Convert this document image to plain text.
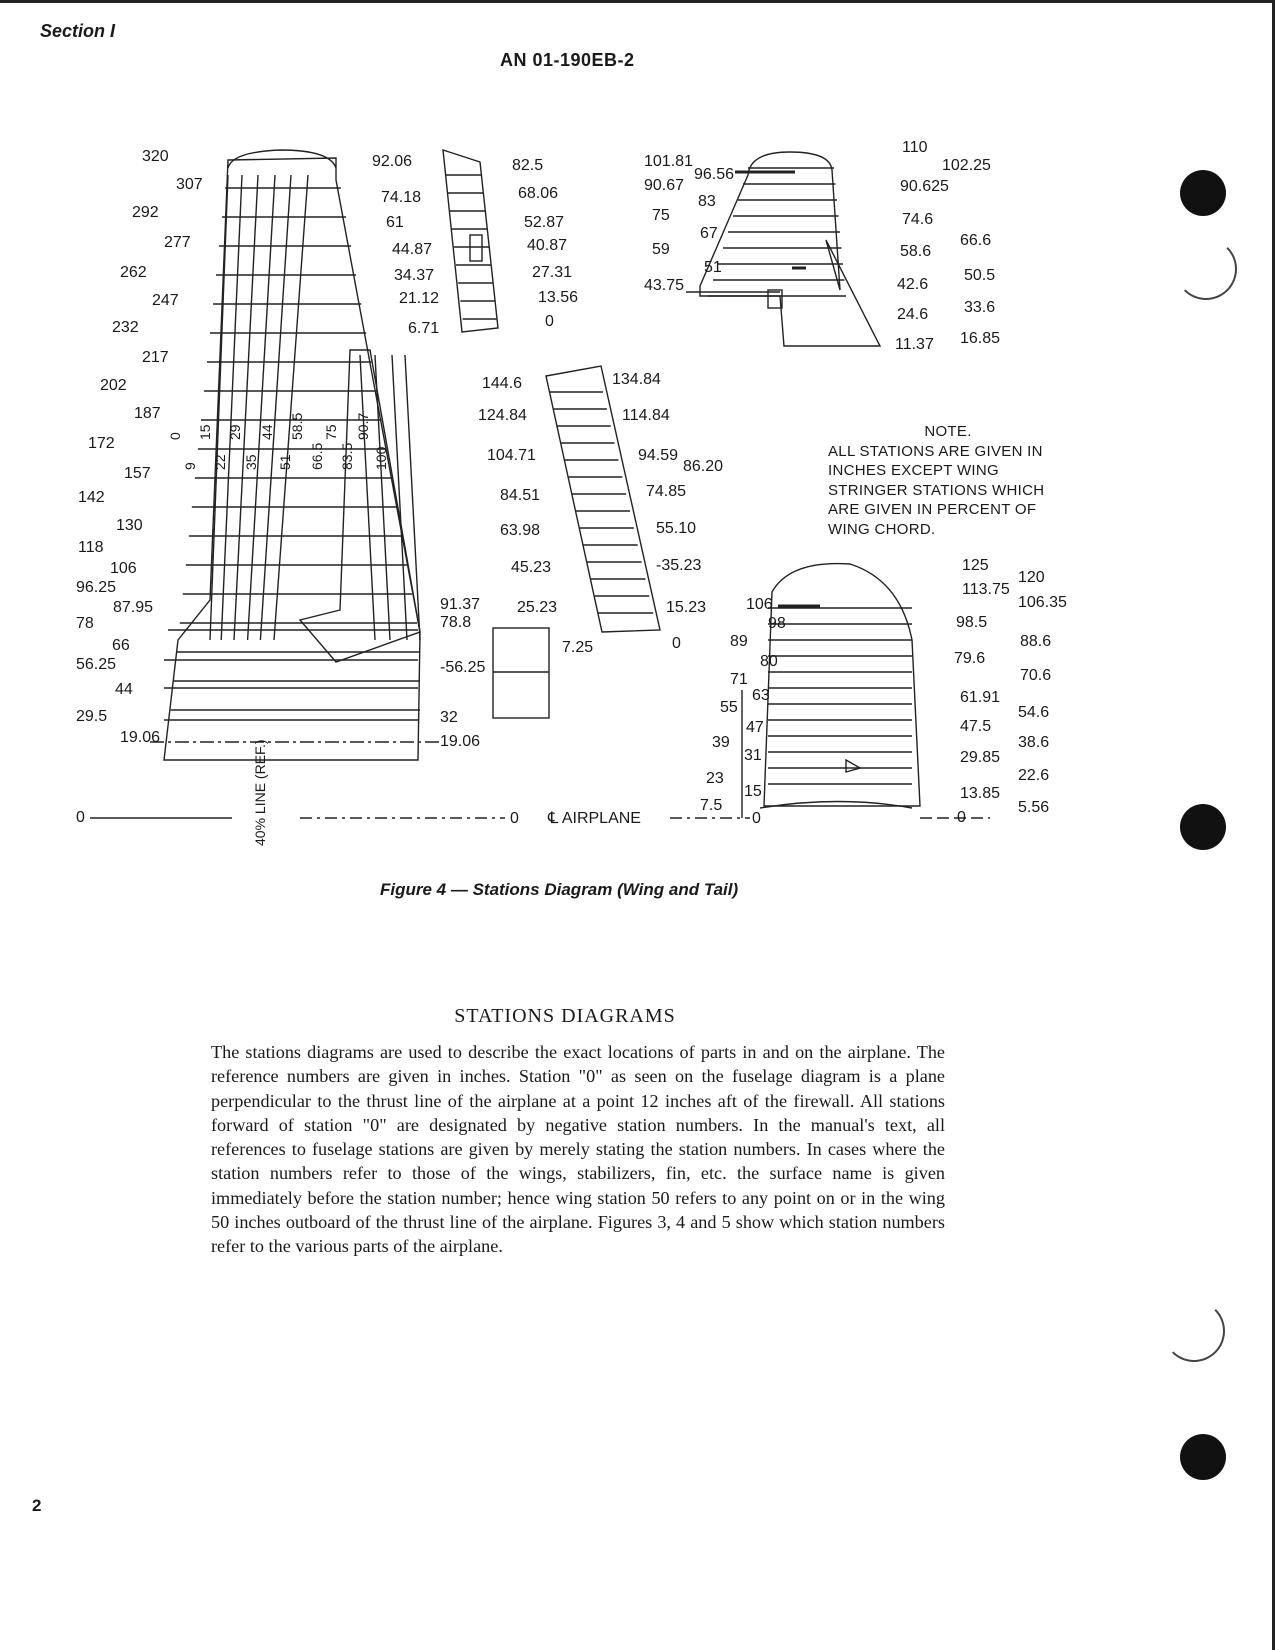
Section I
AN 01-190EB-2
320
292
262
232
202
172
142
118
96.25
78
56.25
29.5
307
277
247
217
187
157
130
106
87.95
66
44
19.06
0
9
15
22
29
35
44
51
58.5
66.5
75
83.5
90.7
100
91.37
78.8
-56.25
32
19.06
92.06
74.18
61
44.87
34.37
21.12
6.71
82.5
68.06
52.87
40.87
27.31
13.56
0
144.6
124.84
104.71
84.51
63.98
45.23
25.23
134.84
114.84
94.59
74.85
55.10
-35.23
15.23
0
7.25
86.20
101.81
90.67
75
59
43.75
96.56
83
67
51
110
90.625
74.6
58.6
42.6
24.6
11.37
102.25
66.6
50.5
33.6
16.85
106
89
71
55
39
23
7.5
98
80
63
47
31
15
125
113.75
98.5
79.6
61.91
47.5
29.85
13.85
120
106.35
88.6
70.6
54.6
38.6
22.6
5.56
0
0	0 ℄ AIRPLANE	0
40% LINE (REF.)
NOTE.
ALL STATIONS ARE GIVEN IN INCHES EXCEPT WING STRINGER STATIONS WHICH ARE GIVEN IN PERCENT OF WING CHORD.
Figure 4 — Stations Diagram (Wing and Tail)
STATIONS DIAGRAMS

The stations diagrams are used to describe the exact locations of parts in and on the airplane. The reference numbers are given in inches. Station "0" as seen on the fuselage diagram is a plane perpendicular to the thrust line of the airplane at a point 12 inches aft of the firewall. All stations forward of station "0" are designated by negative station numbers. In the manual's text, all references to fuselage stations are given by merely stating the station numbers. In cases where the station numbers refer to those of the wings, stabilizers, fin, etc. the surface name is given immediately before the station number; hence wing station 50 refers to any point on or in the wing 50 inches outboard of the thrust line of the airplane. Figures 3, 4 and 5 show which station numbers refer to the various parts of the airplane.

2
